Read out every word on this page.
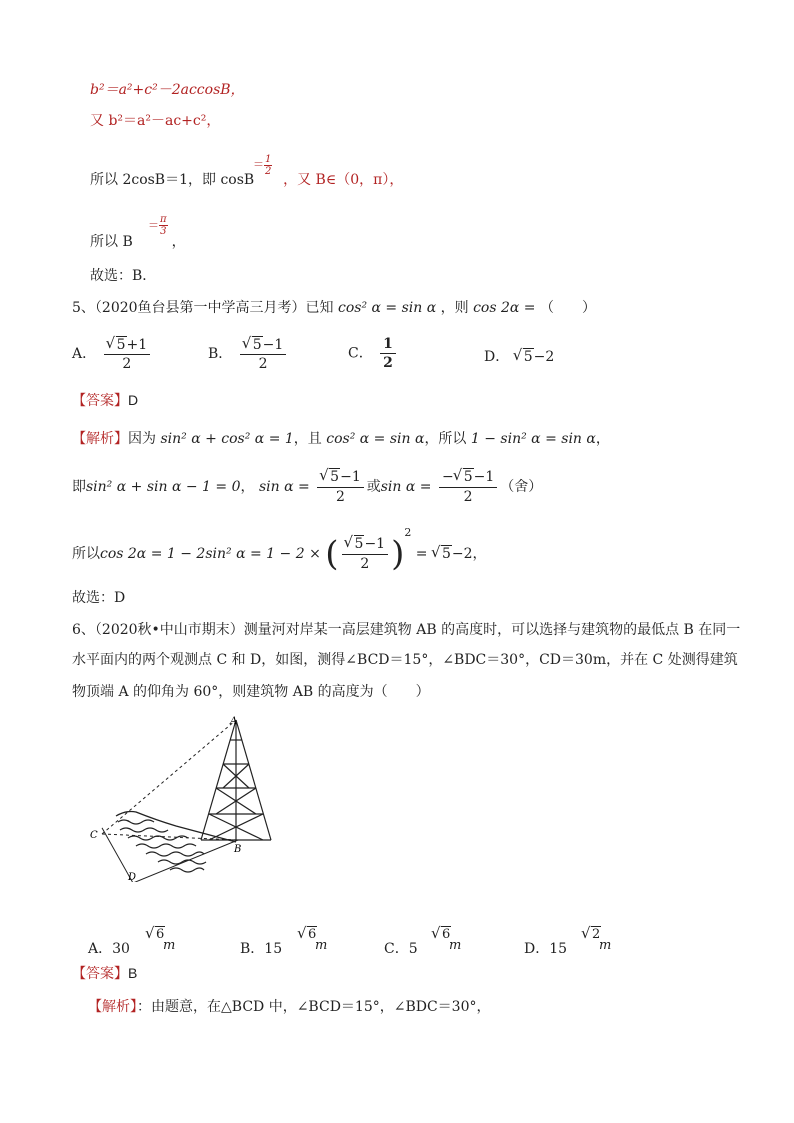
b²＝a²+c²－2accosB，
又 b²＝a²－ac+c²，
所以 2cosB＝1，即 cosB ，又 B∈（0，π），
＝ $\frac{1}{2}$
所以 B	，
＝ $\frac{\pi}{3}$
故选：B．
5、（2020鱼台县第一中学高三月考）已知 cos² α = sin α ，则 cos 2α = （　　）
A． √ $\frac{5+1}{2}$	B． √ $\frac{5-1}{2}$	C． $\frac{1}{2}$	D． √ 5−2
【答案】D
【解析】因为 sin² α + cos² α = 1，且 cos² α = sin α，所以 1 − sin² α = sin α，
即sin² α + sin α − 1 = 0， sin α = √ $\frac{5-1}{2}$ 或$\sin \alpha = \frac{- √ 5-1}{2}$ （舍）
所以cos 2α = 1 − 2sin² α = 1 − 2 × ( √ $\frac{5-1}{2} )^2$ = √ 5−2，
故选：D
6、（2020秋•中山市期末）测量河对岸某一高层建筑物 AB 的高度时，可以选择与建筑物的最低点 B 在同一
水平面内的两个观测点 C 和 D，如图，测得∠BCD＝15°，∠BDC＝30°，CD＝30m，并在 C 处测得建筑
物顶端 A 的仰角为 60°，则建筑物 AB 的高度为（　　）
A
B
C
D
A．30
√ 6
m	B．15
√ 6
m	C．5
√ 6
m	D．15
√ 2
m
【答案】B
【解析】：由题意，在△BCD 中，∠BCD＝15°，∠BDC＝30°，
